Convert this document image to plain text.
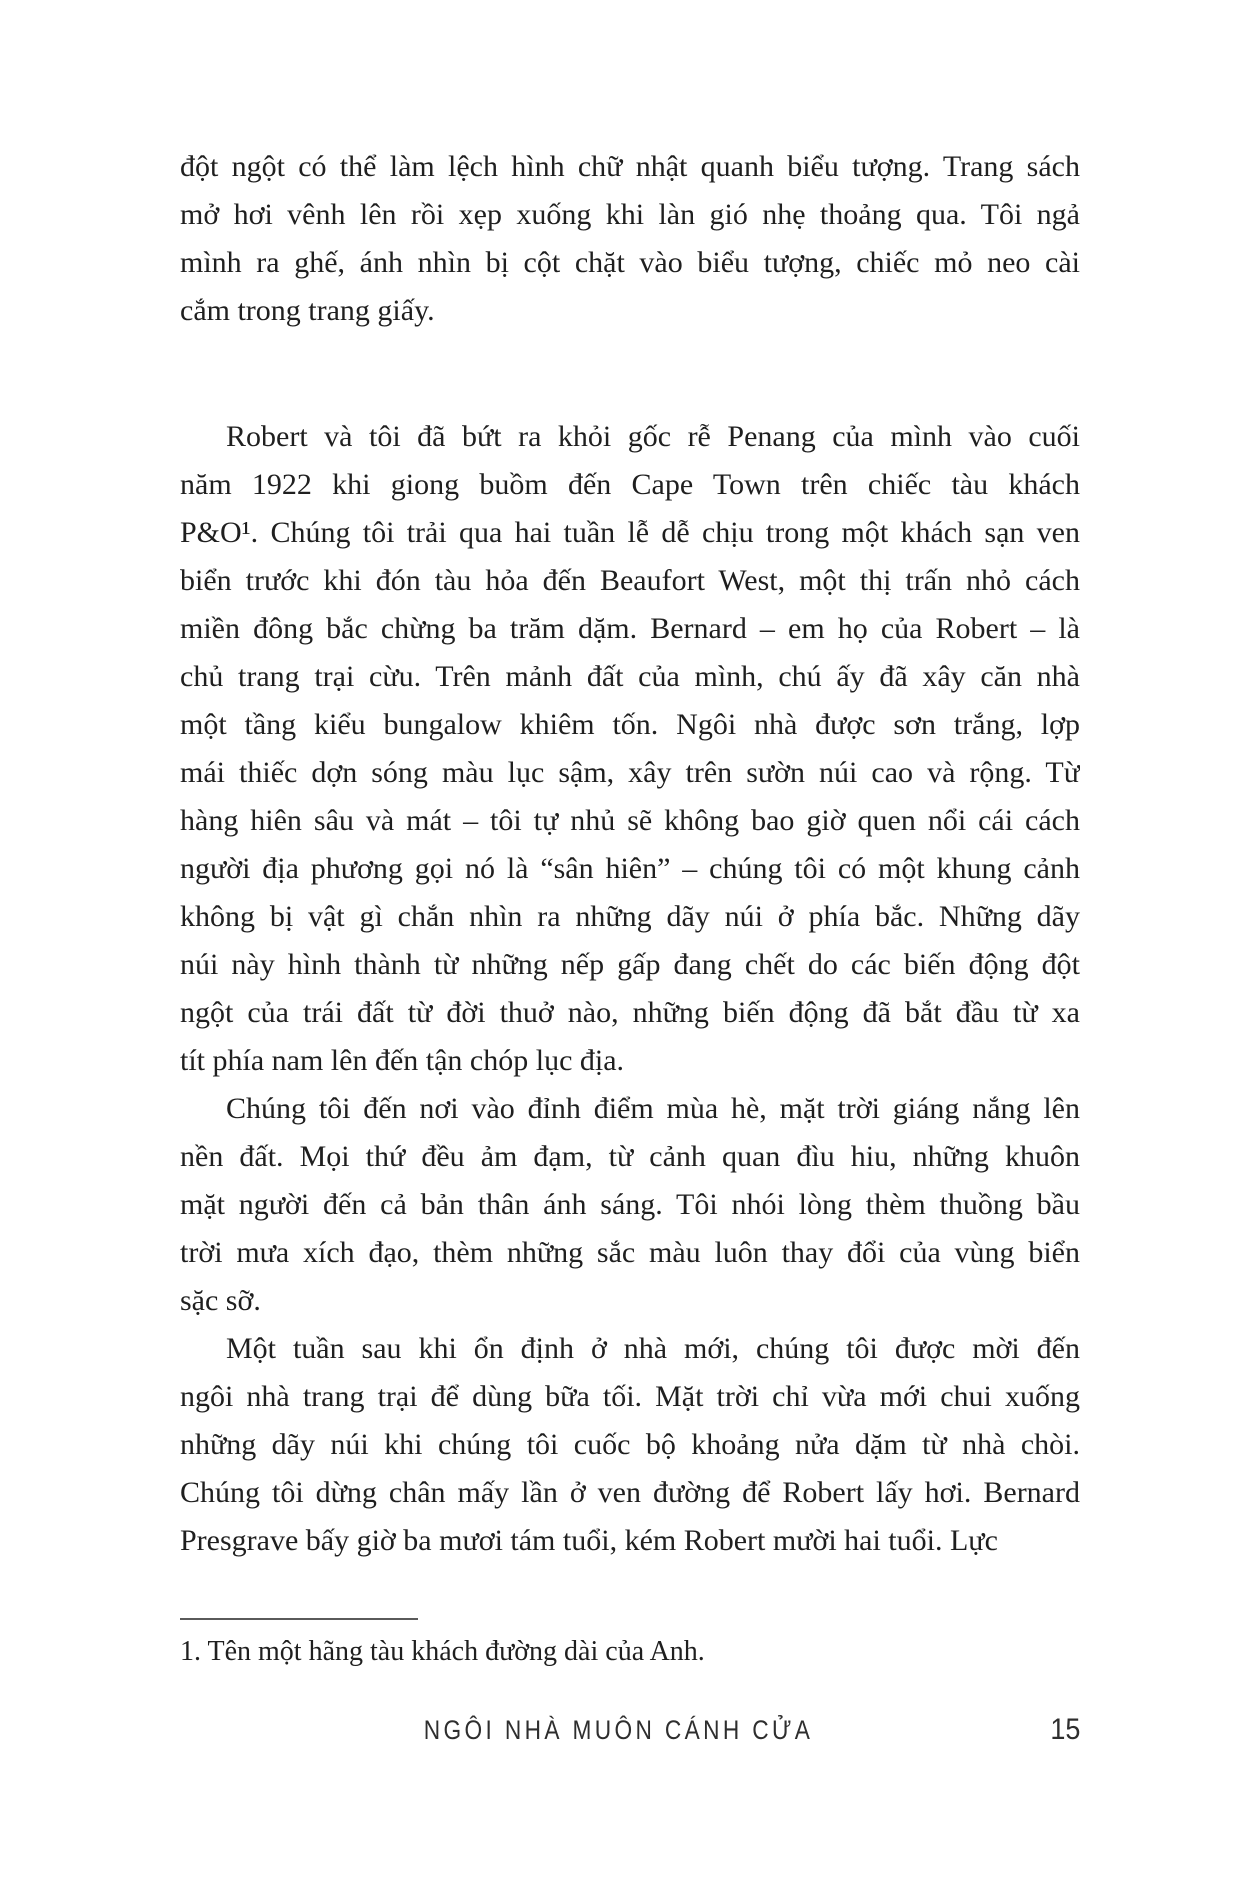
đột ngột có thể làm lệch hình chữ nhật quanh biểu tượng. Trang sách
mở hơi vênh lên rồi xẹp xuống khi làn gió nhẹ thoảng qua. Tôi ngả
mình ra ghế, ánh nhìn bị cột chặt vào biểu tượng, chiếc mỏ neo cài
cắm trong trang giấy.
Robert và tôi đã bứt ra khỏi gốc rễ Penang của mình vào cuối
năm 1922 khi giong buồm đến Cape Town trên chiếc tàu khách
P&O¹. Chúng tôi trải qua hai tuần lễ dễ chịu trong một khách sạn ven
biển trước khi đón tàu hỏa đến Beaufort West, một thị trấn nhỏ cách
miền đông bắc chừng ba trăm dặm. Bernard – em họ của Robert – là
chủ trang trại cừu. Trên mảnh đất của mình, chú ấy đã xây căn nhà
một tầng kiểu bungalow khiêm tốn. Ngôi nhà được sơn trắng, lợp
mái thiếc dợn sóng màu lục sậm, xây trên sườn núi cao và rộng. Từ
hàng hiên sâu và mát – tôi tự nhủ sẽ không bao giờ quen nổi cái cách
người địa phương gọi nó là “sân hiên” – chúng tôi có một khung cảnh
không bị vật gì chắn nhìn ra những dãy núi ở phía bắc. Những dãy
núi này hình thành từ những nếp gấp đang chết do các biến động đột
ngột của trái đất từ đời thuở nào, những biến động đã bắt đầu từ xa
tít phía nam lên đến tận chóp lục địa.
Chúng tôi đến nơi vào đỉnh điểm mùa hè, mặt trời giáng nắng lên
nền đất. Mọi thứ đều ảm đạm, từ cảnh quan đìu hiu, những khuôn
mặt người đến cả bản thân ánh sáng. Tôi nhói lòng thèm thuồng bầu
trời mưa xích đạo, thèm những sắc màu luôn thay đổi của vùng biển
sặc sỡ.
Một tuần sau khi ổn định ở nhà mới, chúng tôi được mời đến
ngôi nhà trang trại để dùng bữa tối. Mặt trời chỉ vừa mới chui xuống
những dãy núi khi chúng tôi cuốc bộ khoảng nửa dặm từ nhà chòi.
Chúng tôi dừng chân mấy lần ở ven đường để Robert lấy hơi. Bernard
Presgrave bấy giờ ba mươi tám tuổi, kém Robert mười hai tuổi. Lực
1. Tên một hãng tàu khách đường dài của Anh.
NGÔI NHÀ MUÔN CÁNH CỬA	15
